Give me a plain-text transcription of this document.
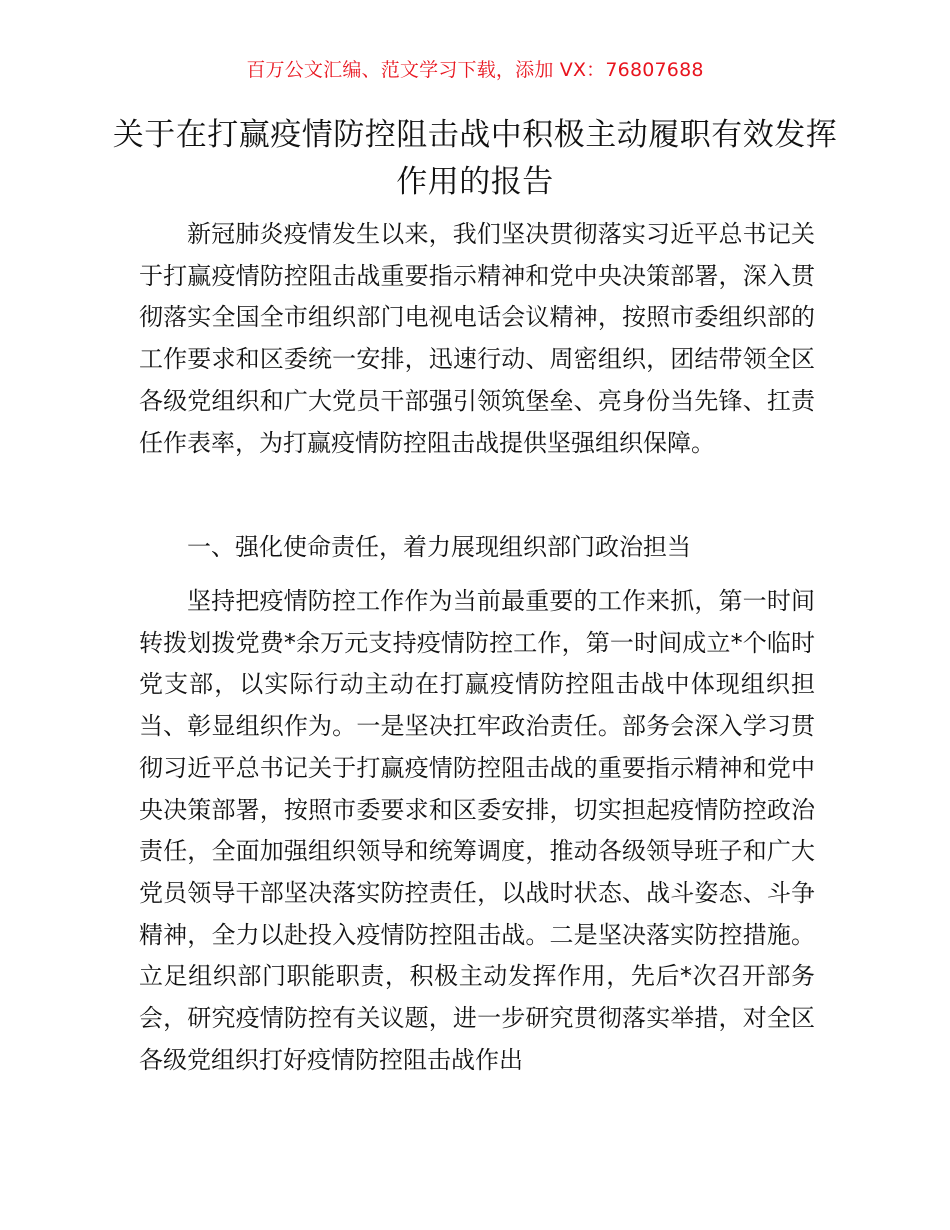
百万公文汇编、范文学习下载，添加 VX：76807688
关于在打赢疫情防控阻击战中积极主动履职有效发挥作用的报告

新冠肺炎疫情发生以来，我们坚决贯彻落实习近平总书记关于打赢疫情防控阻击战重要指示精神和党中央决策部署，深入贯彻落实全国全市组织部门电视电话会议精神，按照市委组织部的工作要求和区委统一安排，迅速行动、周密组织，团结带领全区各级党组织和广大党员干部强引领筑堡垒、亮身份当先锋、扛责任作表率，为打赢疫情防控阻击战提供坚强组织保障。

一、强化使命责任，着力展现组织部门政治担当

坚持把疫情防控工作作为当前最重要的工作来抓，第一时间转拨划拨党费*余万元支持疫情防控工作，第一时间成立*个临时党支部，以实际行动主动在打赢疫情防控阻击战中体现组织担当、彰显组织作为。一是坚决扛牢政治责任。部务会深入学习贯彻习近平总书记关于打赢疫情防控阻击战的重要指示精神和党中央决策部署，按照市委要求和区委安排，切实担起疫情防控政治责任，全面加强组织领导和统筹调度，推动各级领导班子和广大党员领导干部坚决落实防控责任，以战时状态、战斗姿态、斗争精神，全力以赴投入疫情防控阻击战。二是坚决落实防控措施。立足组织部门职能职责，积极主动发挥作用，先后*次召开部务会，研究疫情防控有关议题，进一步研究贯彻落实举措，对全区各级党组织打好疫情防控阻击战作出
